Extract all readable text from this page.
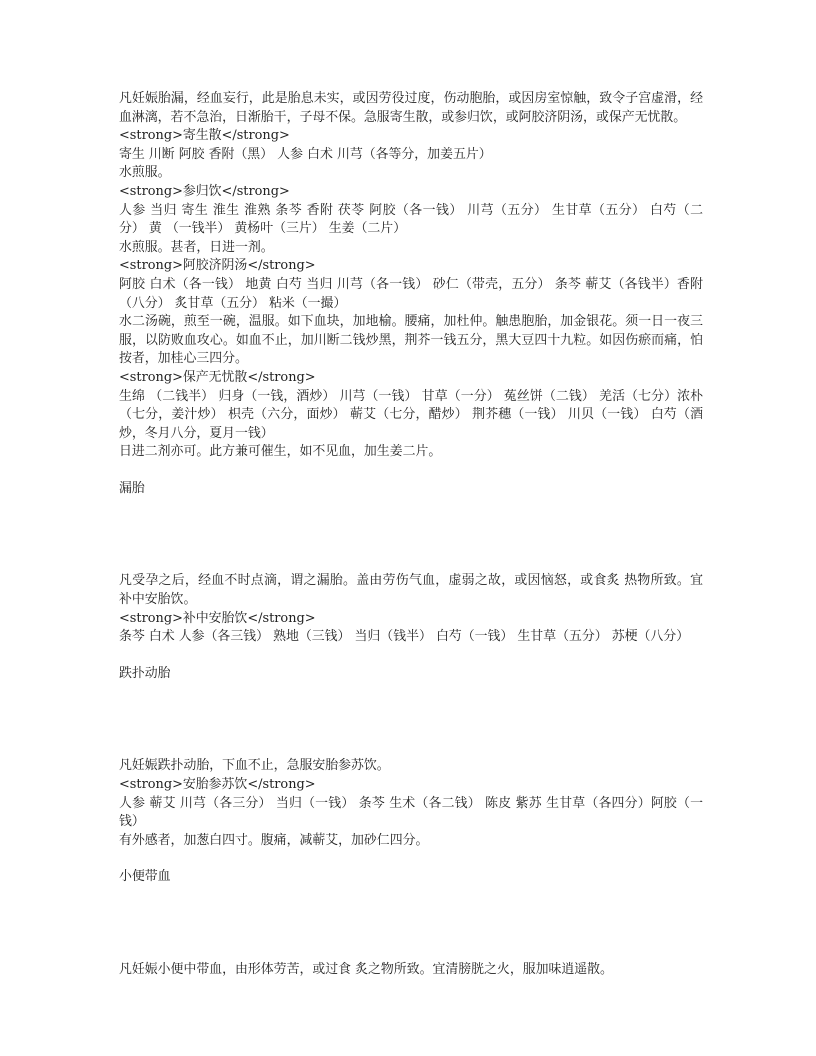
凡妊娠胎漏，经血妄行，此是胎息未实，或因劳役过度，伤动胞胎，或因房室惊触，致令子宫虚滑，经血淋漓，若不急治，日渐胎干，子母不保。急服寄生散，或参归饮，或阿胶济阴汤，或保产无忧散。
<strong>寄生散</strong>
寄生 川断 阿胶 香附（黑） 人参 白术 川芎（各等分，加姜五片）
水煎服。
<strong>参归饮</strong>
人参 当归 寄生 淮生 淮熟 条芩 香附 茯苓 阿胶（各一钱） 川芎（五分） 生甘草（五分） 白芍（二分） 黄 （一钱半） 黄杨叶（三片） 生姜（二片）
水煎服。甚者，日进一剂。
<strong>阿胶济阴汤</strong>
阿胶 白术（各一钱） 地黄 白芍 当归 川芎（各一钱） 砂仁（带壳，五分） 条芩 蕲艾（各钱半）香附（八分） 炙甘草（五分） 粘米（一撮）
水二汤碗，煎至一碗，温服。如下血块，加地榆。腰痛，加杜仲。触患胞胎，加金银花。须一日一夜三服，以防败血攻心。如血不止，加川断二钱炒黑，荆芥一钱五分，黑大豆四十九粒。如因伤瘀而痛，怕按者，加桂心三四分。
<strong>保产无忧散</strong>
生绵 （二钱半） 归身（一钱，酒炒） 川芎（一钱） 甘草（一分） 菟丝饼（二钱） 羌活（七分）浓朴（七分，姜汁炒） 枳壳（六分，面炒） 蕲艾（七分，醋炒） 荆芥穗（一钱） 川贝（一钱） 白芍（酒炒，冬月八分，夏月一钱）
日进二剂亦可。此方兼可催生，如不见血，加生姜二片。
漏胎
凡受孕之后，经血不时点滴，谓之漏胎。盖由劳伤气血，虚弱之故，或因恼怒，或食炙 热物所致。宜补中安胎饮。
<strong>补中安胎饮</strong>
条芩 白术 人参（各三钱） 熟地（三钱） 当归（钱半） 白芍（一钱） 生甘草（五分） 苏梗（八分）
跌扑动胎
凡妊娠跌扑动胎，下血不止，急服安胎参苏饮。
<strong>安胎参苏饮</strong>
人参 蕲艾 川芎（各三分） 当归（一钱） 条芩 生术（各二钱） 陈皮 紫苏 生甘草（各四分）阿胶（一钱）
有外感者，加葱白四寸。腹痛，减蕲艾，加砂仁四分。
小便带血
凡妊娠小便中带血，由形体劳苦，或过食 炙之物所致。宜清膀胱之火，服加味逍遥散。
